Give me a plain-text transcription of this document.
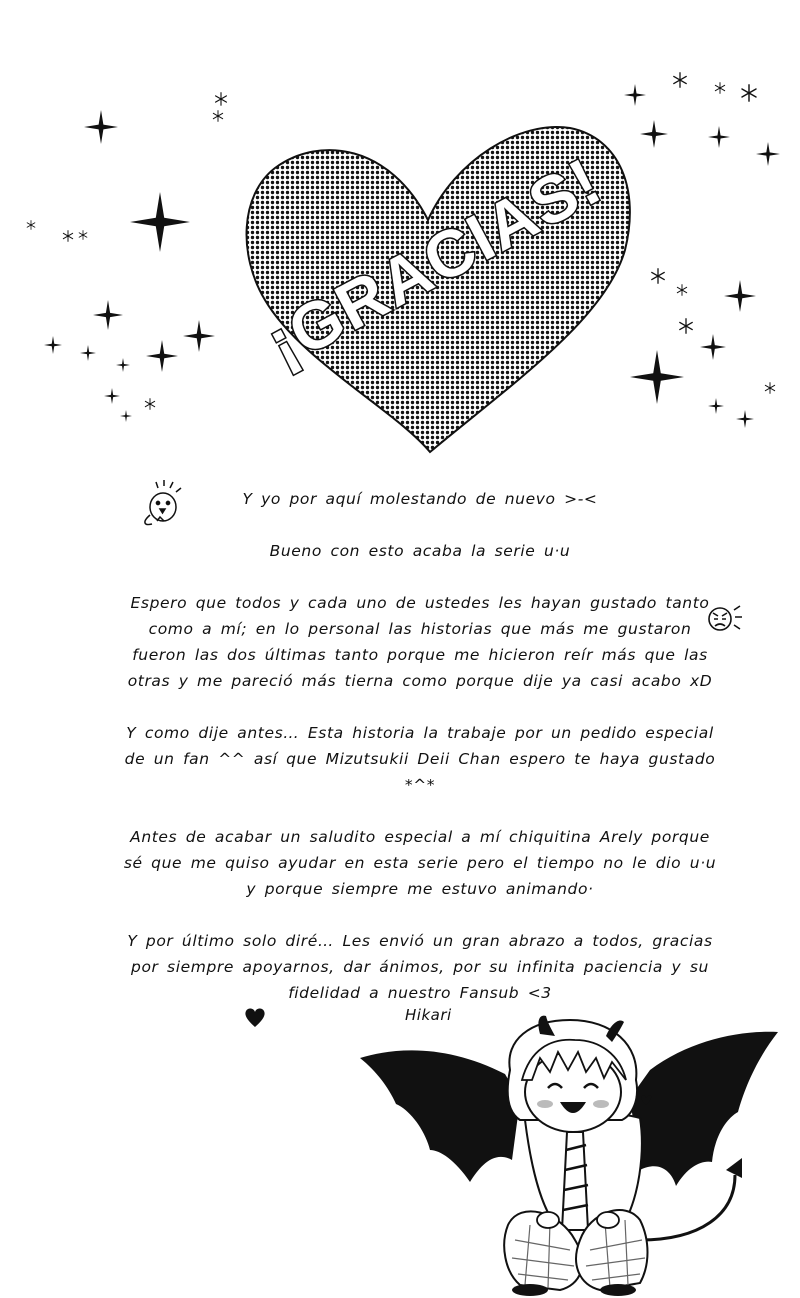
¡GRACIAS!

Y yo por aquí molestando de nuevo >-<

Bueno con esto acaba la serie u·u

Espero que todos y cada uno de ustedes les hayan gustado tanto como a mí; en lo personal las historias que más me gustaron fueron las dos últimas tanto porque me hicieron reír más que las otras y me pareció más tierna como porque dije ya casi acabo xD

Y como dije antes… Esta historia la trabaje por un pedido especial de un fan ^^ así que Mizutsukii Deii Chan espero te haya gustado *^*

Antes de acabar un saludito especial a mí chiquitina Arely porque sé que me quiso ayudar en esta serie pero el tiempo no le dio u·u y porque siempre me estuvo animando·

Y por último solo diré… Les envió un gran abrazo a todos, gracias por siempre apoyarnos, dar ánimos, por su infinita paciencia y su fidelidad a nuestro Fansub <3

Hikari
